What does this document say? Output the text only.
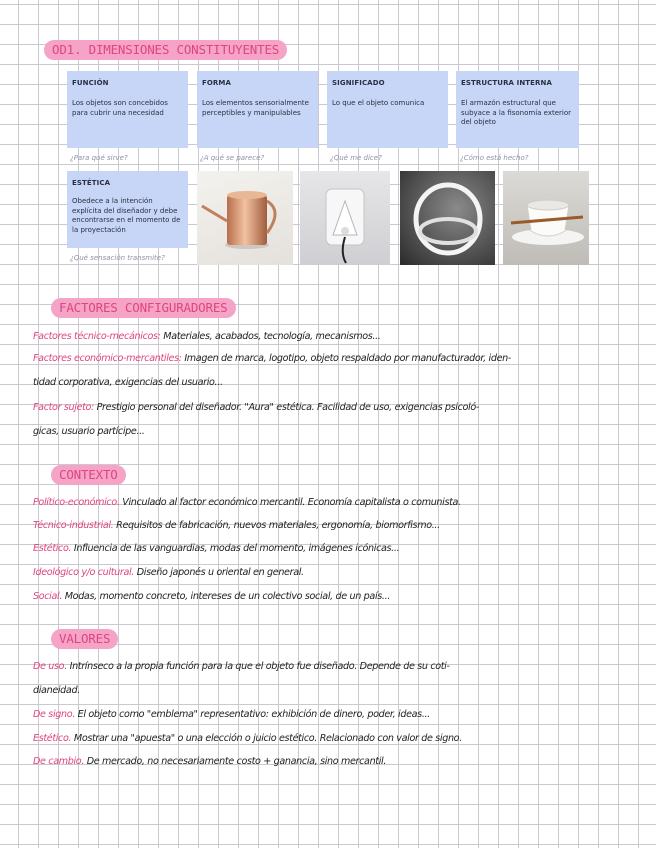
OD1. DIMENSIONES CONSTITUYENTES
FUNCIÓN
Los objetos son concebidos para cubrir una necesidad
FORMA
Los elementos sensorialmente perceptibles y manipulables
SIGNIFICADO
Lo que el objeto comunica
ESTRUCTURA INTERNA
El armazón estructural que subyace a la fisonomía exterior del objeto
¿Para qué sirve?	¿A qué se parece?	¿Qué me dice?	¿Cómo está hecho?
ESTÉTICA
Obedece a la intención explícita del diseñador y debe encontrarse en el momento de la proyectación
¿Qué sensación transmite?
FACTORES CONFIGURADORES
Factores técnico-mecánicos: Materiales, acabados, tecnología, mecanismos...
Factores económico-mercantiles: Imagen de marca, logotipo, objeto respaldado por manufacturador, iden-
tidad corporativa, exigencias del usuario...
Factor sujeto: Prestigio personal del diseñador. "Aura" estética. Facilidad de uso, exigencias psicoló-
gicas, usuario partícipe...
CONTEXTO
Político-económico. Vinculado al factor económico mercantil. Economía capitalista o comunista.
Técnico-industrial. Requisitos de fabricación, nuevos materiales, ergonomía, biomorfismo...
Estético. Influencia de las vanguardias, modas del momento, imágenes icónicas...
Ideológico y/o cultural. Diseño japonés u oriental en general.
Social. Modas, momento concreto, intereses de un colectivo social, de un país...
VALORES
De uso. Intrínseco a la propia función para la que el objeto fue diseñado. Depende de su coti-
dianeidad.
De signo. El objeto como "emblema" representativo: exhibición de dinero, poder, ideas...
Estético. Mostrar una "apuesta" o una elección o juicio estético. Relacionado con valor de signo.
De cambio. De mercado, no necesariamente costo + ganancia, sino mercantil.
